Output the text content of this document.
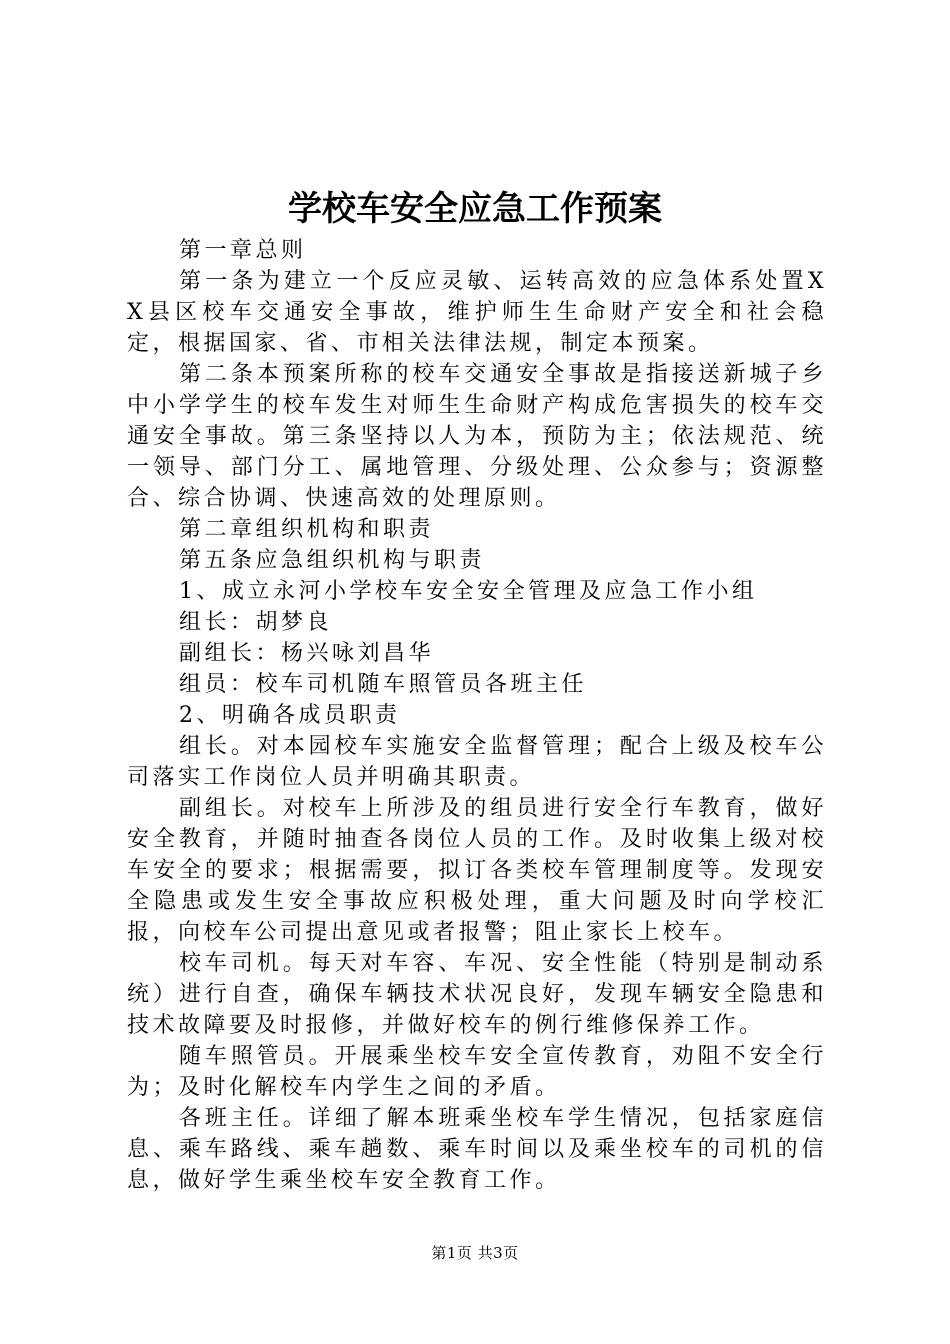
学校车安全应急工作预案

第一章总则

第一条为建立一个反应灵敏、运转高效的应急体系处置XX县区校车交通安全事故，维护师生生命财产安全和社会稳定，根据国家、省、市相关法律法规，制定本预案。

第二条本预案所称的校车交通安全事故是指接送新城子乡中小学学生的校车发生对师生生命财产构成危害损失的校车交通安全事故。第三条坚持以人为本，预防为主；依法规范、统一领导、部门分工、属地管理、分级处理、公众参与；资源整合、综合协调、快速高效的处理原则。

第二章组织机构和职责

第五条应急组织机构与职责

1、成立永河小学校车安全安全管理及应急工作小组

组长：胡梦良

副组长：杨兴咏刘昌华

组员：校车司机随车照管员各班主任

2、明确各成员职责

组长。对本园校车实施安全监督管理；配合上级及校车公司落实工作岗位人员并明确其职责。

副组长。对校车上所涉及的组员进行安全行车教育，做好安全教育，并随时抽查各岗位人员的工作。及时收集上级对校车安全的要求；根据需要，拟订各类校车管理制度等。发现安全隐患或发生安全事故应积极处理，重大问题及时向学校汇报，向校车公司提出意见或者报警；阻止家长上校车。

校车司机。每天对车容、车况、安全性能（特别是制动系统）进行自查，确保车辆技术状况良好，发现车辆安全隐患和技术故障要及时报修，并做好校车的例行维修保养工作。

随车照管员。开展乘坐校车安全宣传教育，劝阻不安全行为；及时化解校车内学生之间的矛盾。

各班主任。详细了解本班乘坐校车学生情况，包括家庭信息、乘车路线、乘车趟数、乘车时间以及乘坐校车的司机的信息，做好学生乘坐校车安全教育工作。

第1页 共3页
